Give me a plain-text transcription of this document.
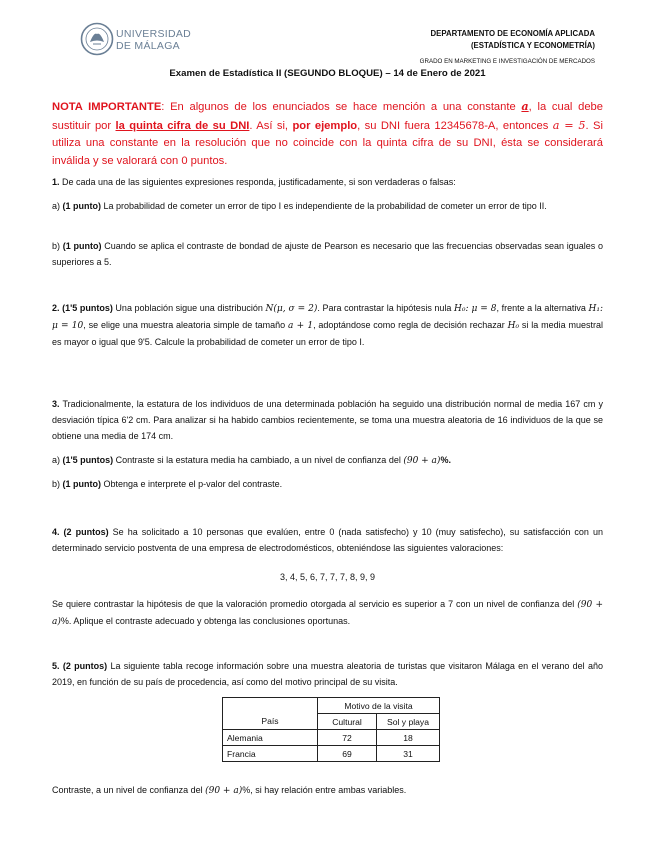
UNIVERSIDAD
DE MÁLAGA
DEPARTAMENTO DE ECONOMÍA APLICADA
(ESTADÍSTICA Y ECONOMETRÍA)
GRADO EN MARKETING E INVESTIGACIÓN DE MERCADOS
Examen de Estadística II (SEGUNDO BLOQUE) – 14 de Enero de 2021
NOTA IMPORTANTE: En algunos de los enunciados se hace mención a una constante a, la cual debe sustituir por la quinta cifra de su DNI. Así si, por ejemplo, su DNI fuera 12345678-A, entonces a = 5. Si utiliza una constante en la resolución que no coincide con la quinta cifra de su DNI, ésta se considerará inválida y se valorará con 0 puntos.
1. De cada una de las siguientes expresiones responda, justificadamente, si son verdaderas o falsas:
a) (1 punto) La probabilidad de cometer un error de tipo I es independiente de la probabilidad de cometer un error de tipo II.
b) (1 punto) Cuando se aplica el contraste de bondad de ajuste de Pearson es necesario que las frecuencias observadas sean iguales o superiores a 5.
2. (1'5 puntos) Una población sigue una distribución N(μ, σ = 2). Para contrastar la hipótesis nula H₀: μ = 8, frente a la alternativa H₁: μ = 10, se elige una muestra aleatoria simple de tamaño a + 1, adoptándose como regla de decisión rechazar H₀ si la media muestral es mayor o igual que 9'5. Calcule la probabilidad de cometer un error de tipo I.
3. Tradicionalmente, la estatura de los individuos de una determinada población ha seguido una distribución normal de media 167 cm y desviación típica 6'2 cm. Para analizar si ha habido cambios recientemente, se toma una muestra aleatoria de 16 individuos de la que se obtiene una media de 174 cm.
a) (1'5 puntos) Contraste si la estatura media ha cambiado, a un nivel de confianza del (90 + a)%.
b) (1 punto) Obtenga e interprete el p-valor del contraste.
4. (2 puntos) Se ha solicitado a 10 personas que evalúen, entre 0 (nada satisfecho) y 10 (muy satisfecho), su satisfacción con un determinado servicio postventa de una empresa de electrodomésticos, obteniéndose las siguientes valoraciones:
3, 4, 5, 6, 7, 7, 7, 8, 9, 9
Se quiere contrastar la hipótesis de que la valoración promedio otorgada al servicio es superior a 7 con un nivel de confianza del (90 + a)%. Aplique el contraste adecuado y obtenga las conclusiones oportunas.
5. (2 puntos) La siguiente tabla recoge información sobre una muestra aleatoria de turistas que visitaron Málaga en el verano del año 2019, en función de su país de procedencia, así como del motivo principal de su visita.
País	Motivo de la visita	
	Cultural	Sol y playa
Alemania	72	18
Francia	69	31
Contraste, a un nivel de confianza del (90 + a)%, si hay relación entre ambas variables.
